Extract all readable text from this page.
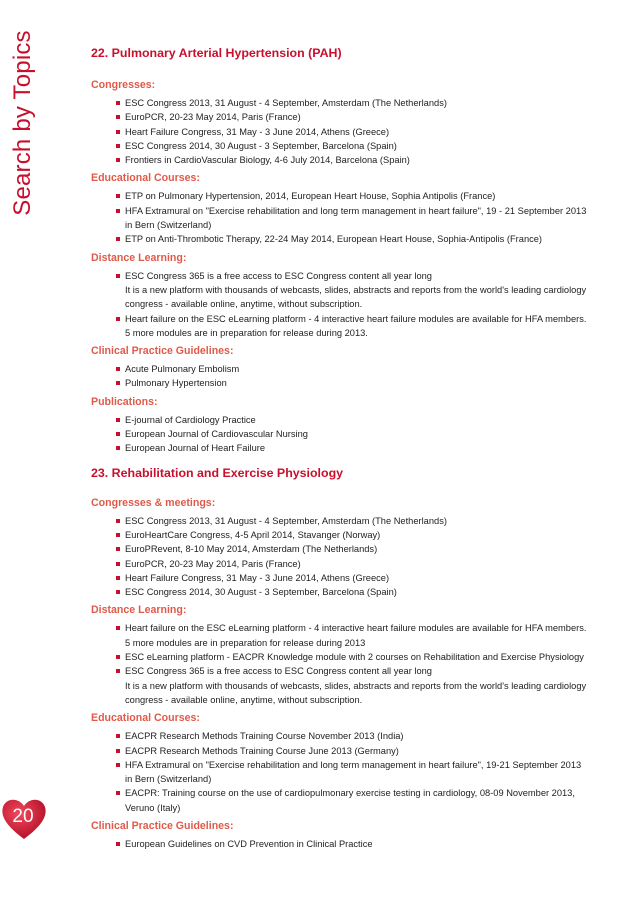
Search by Topics
20
22. Pulmonary Arterial Hypertension (PAH)
Congresses:
ESC Congress 2013, 31 August - 4 September, Amsterdam (The Netherlands)
EuroPCR, 20-23 May 2014, Paris (France)
Heart Failure Congress, 31 May - 3 June 2014, Athens (Greece)
ESC Congress 2014, 30 August - 3 September, Barcelona (Spain)
Frontiers in CardioVascular Biology, 4-6 July 2014, Barcelona (Spain)
Educational Courses:
ETP on Pulmonary Hypertension, 2014, European Heart House, Sophia Antipolis (France)
HFA Extramural on "Exercise rehabilitation and long term management in heart failure", 19 - 21 September 2013
in Bern (Switzerland)
ETP on Anti-Thrombotic Therapy, 22-24 May 2014, European Heart House, Sophia-Antipolis (France)
Distance Learning:
ESC Congress 365 is a free access to ESC Congress content all year long
It is a new platform with thousands of webcasts, slides, abstracts and reports from the world's leading cardiology
congress - available online, anytime, without subscription.
Heart failure on the ESC eLearning platform - 4 interactive heart failure modules are available for HFA members.
5 more modules are in preparation for release during 2013.
Clinical Practice Guidelines:
Acute Pulmonary Embolism
Pulmonary Hypertension
Publications:
E-journal of Cardiology Practice
European Journal of Cardiovascular Nursing
European Journal of Heart Failure
23. Rehabilitation and Exercise Physiology
Congresses & meetings:
ESC Congress 2013, 31 August - 4 September, Amsterdam (The Netherlands)
EuroHeartCare Congress, 4-5 April 2014, Stavanger (Norway)
EuroPRevent, 8-10 May 2014, Amsterdam (The Netherlands)
EuroPCR, 20-23 May 2014, Paris (France)
Heart Failure Congress, 31 May - 3 June 2014, Athens (Greece)
ESC Congress 2014, 30 August - 3 September, Barcelona (Spain)
Distance Learning:
Heart failure on the ESC eLearning platform - 4 interactive heart failure modules are available for HFA members.
5 more modules are in preparation for release during 2013
ESC eLearning platform - EACPR Knowledge module with 2 courses on Rehabilitation and Exercise Physiology
ESC Congress 365 is a free access to ESC Congress content all year long
It is a new platform with thousands of webcasts, slides, abstracts and reports from the world's leading cardiology
congress - available online, anytime, without subscription.
Educational Courses:
EACPR Research Methods Training Course November 2013 (India)
EACPR Research Methods Training Course June 2013 (Germany)
HFA Extramural on "Exercise rehabilitation and long term management in heart failure", 19-21 September 2013
in Bern (Switzerland)
EACPR: Training course on the use of cardiopulmonary exercise testing in cardiology, 08-09 November 2013,
Veruno (Italy)
Clinical Practice Guidelines:
European Guidelines on CVD Prevention in Clinical Practice
